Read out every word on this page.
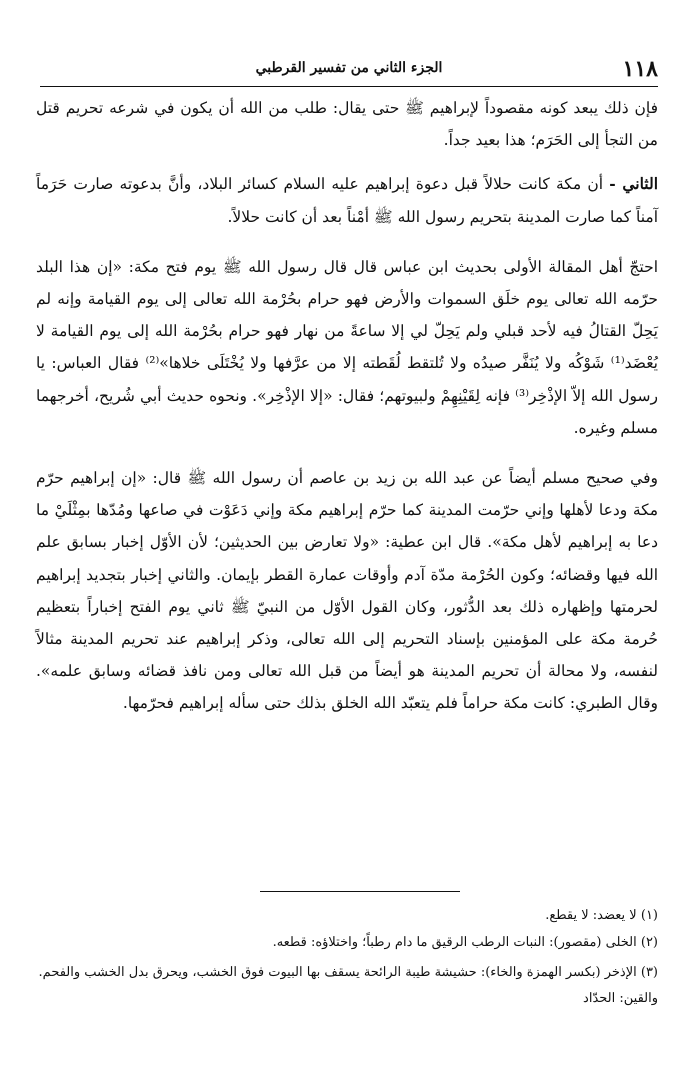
١١٨
الجزء الثاني من تفسير القرطبي

فإن ذلك يبعد كونه مقصوداً لإبراهيم ﷺ حتى يقال: طلب من الله أن يكون في شرعه تحريم قتل من التجأ إلى الحَرَم؛ هذا بعيد جداً.

الثاني - أن مكة كانت حلالاً قبل دعوة إبراهيم عليه السلام كسائر البلاد، وأنَّ بدعوته صارت حَرَماً آمناً كما صارت المدينة بتحريم رسول الله ﷺ أمْناً بعد أن كانت حلالاً.

احتجّ أهل المقالة الأولى بحديث ابن عباس قال قال رسول الله ﷺ يوم فتح مكة: «إن هذا البلد حرّمه الله تعالى يوم خلَق السموات والأرض فهو حرام بحُرْمة الله تعالى إلى يوم القيامة وإنه لم يَحِلّ القتالُ فيه لأحد قبلي ولم يَحِلّ لي إلا ساعةً من نهار فهو حرام بحُرْمة الله إلى يوم القيامة لا يُعْضَد⁽¹⁾ شَوْكُه ولا يُنَفَّر صيدُه ولا تُلتقط لُقَطته إلا من عرَّفها ولا يُخْتَلَى خلاها»⁽²⁾ فقال العباس: يا رسول الله إلاّ الإذْخِر⁽³⁾ فإنه لِقَيْنِهِمْ ولبيوتهم؛ فقال: «إلا الإذْخِر». ونحوه حديث أبي شُريح، أخرجهما مسلم وغيره.

وفي صحيح مسلم أيضاً عن عبد الله بن زيد بن عاصم أن رسول الله ﷺ قال: «إن إبراهيم حرّم مكة ودعا لأهلها وإني حرّمت المدينة كما حرّم إبراهيم مكة وإني دَعَوْت في صاعها ومُدّها بمِثْلَيْ ما دعا به إبراهيم لأهل مكة». قال ابن عطية: «ولا تعارض بين الحديثين؛ لأن الأوّل إخبار بسابق علم الله فيها وقضائه؛ وكون الحُرْمة مدّة آدم وأوقات عمارة القطر بإيمان. والثاني إخبار بتجديد إبراهيم لحرمتها وإظهاره ذلك بعد الدُّثور، وكان القول الأوّل من النبيّ ﷺ ثاني يوم الفتح إخباراً بتعظيم حُرمة مكة على المؤمنين بإسناد التحريم إلى الله تعالى، وذكر إبراهيم عند تحريم المدينة مثالاً لنفسه، ولا محالة أن تحريم المدينة هو أيضاً من قبل الله تعالى ومن نافذ قضائه وسابق علمه». وقال الطبري: كانت مكة حراماً فلم يتعبّد الله الخلق بذلك حتى سأله إبراهيم فحرّمها.

(١) لا يعضد: لا يقطع.

(٢) الخلى (مقصور): النبات الرطب الرقيق ما دام رطباً؛ واختلاؤه: قطعه.

(٣) الإذخر (بكسر الهمزة والخاء): حشيشة طيبة الرائحة يسقف بها البيوت فوق الخشب، ويحرق بدل الخشب والفحم. والقين: الحدّاد
